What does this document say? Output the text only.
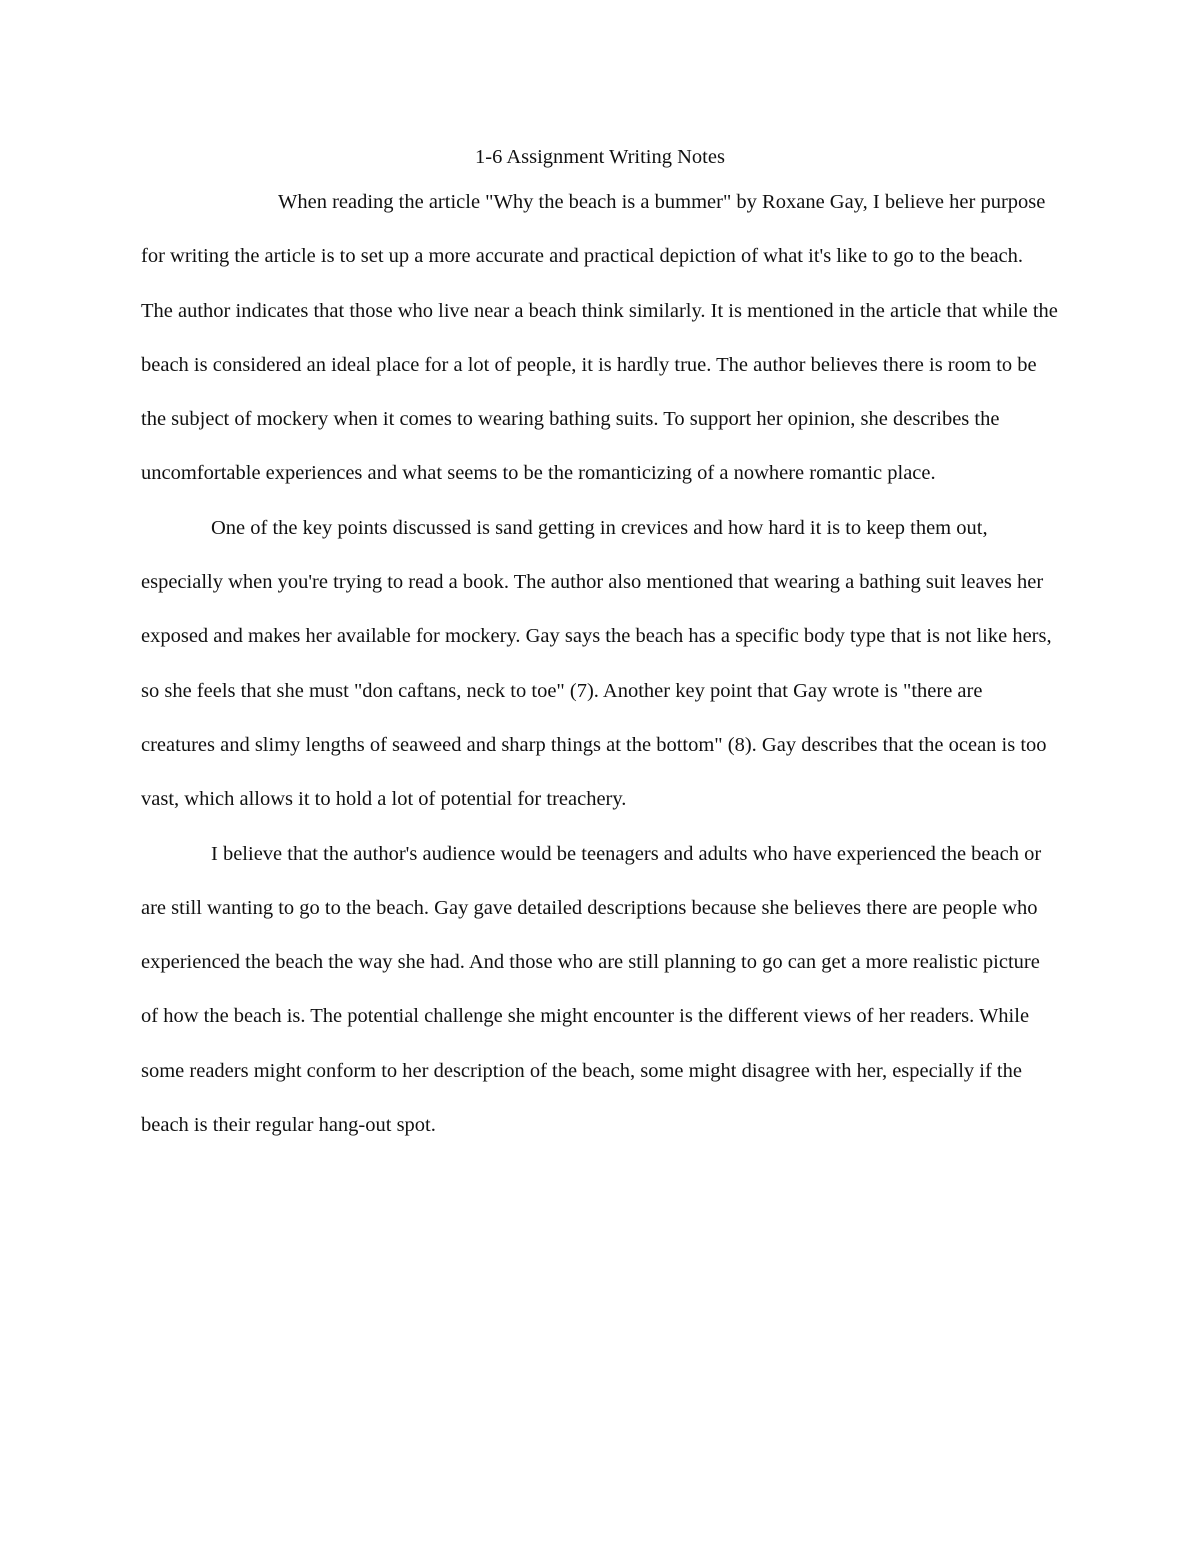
1-6 Assignment Writing Notes

When reading the article "Why the beach is a bummer" by Roxane Gay, I believe her purpose for writing the article is to set up a more accurate and practical depiction of what it's like to go to the beach. The author indicates that those who live near a beach think similarly. It is mentioned in the article that while the beach is considered an ideal place for a lot of people, it is hardly true. The author believes there is room to be the subject of mockery when it comes to wearing bathing suits. To support her opinion, she describes the uncomfortable experiences and what seems to be the romanticizing of a nowhere romantic place.

One of the key points discussed is sand getting in crevices and how hard it is to keep them out, especially when you're trying to read a book. The author also mentioned that wearing a bathing suit leaves her exposed and makes her available for mockery. Gay says the beach has a specific body type that is not like hers, so she feels that she must "don caftans, neck to toe" (7). Another key point that Gay wrote is "there are creatures and slimy lengths of seaweed and sharp things at the bottom" (8). Gay describes that the ocean is too vast, which allows it to hold a lot of potential for treachery.

I believe that the author's audience would be teenagers and adults who have experienced the beach or are still wanting to go to the beach. Gay gave detailed descriptions because she believes there are people who experienced the beach the way she had. And those who are still planning to go can get a more realistic picture of how the beach is. The potential challenge she might encounter is the different views of her readers. While some readers might conform to her description of the beach, some might disagree with her, especially if the beach is their regular hang-out spot.
